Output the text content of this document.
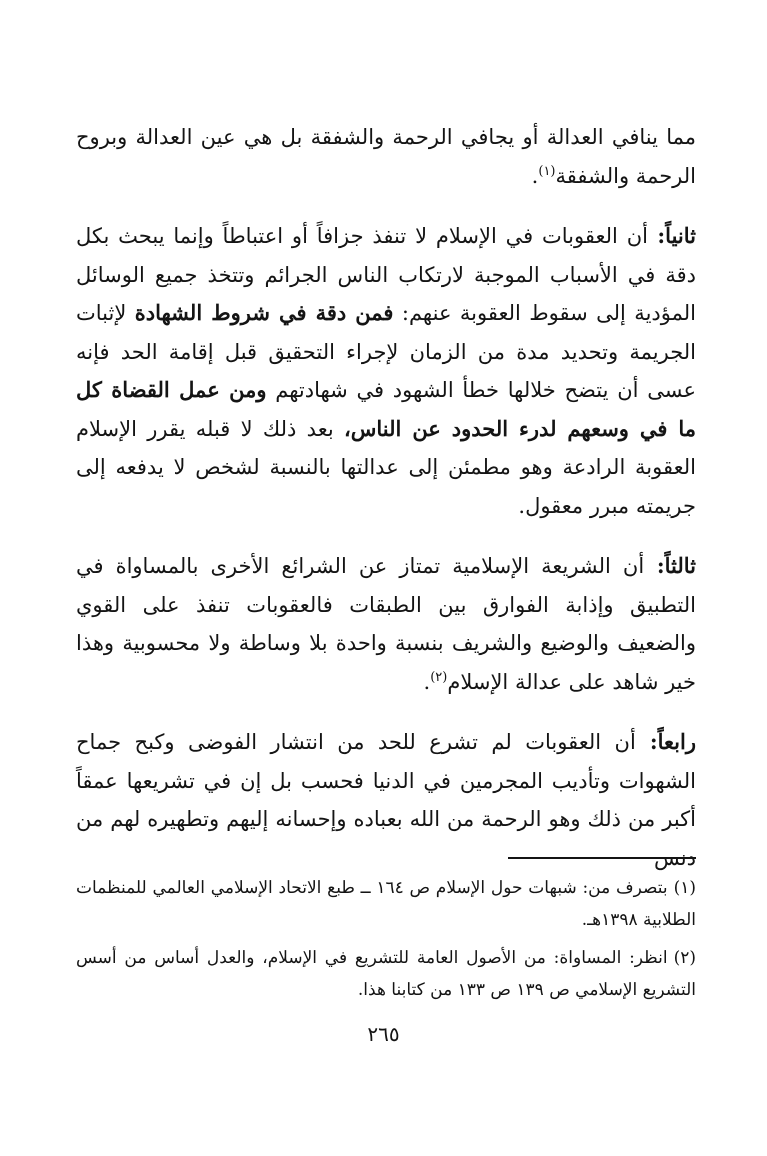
مما ينافي العدالة أو يجافي الرحمة والشفقة بل هي عين العدالة وبروح الرحمة والشفقة$^{(١)}$.

ثانياً: أن العقوبات في الإسلام لا تنفذ جزافاً أو اعتباطاً وإنما يبحث بكل دقة في الأسباب الموجبة لارتكاب الناس الجرائم وتتخذ جميع الوسائل المؤدية إلى سقوط العقوبة عنهم: فمن دقة في شروط الشهادة لإثبات الجريمة وتحديد مدة من الزمان لإجراء التحقيق قبل إقامة الحد فإنه عسى أن يتضح خلالها خطأ الشهود في شهادتهم ومن عمل القضاة كل ما في وسعهم لدرء الحدود عن الناس، بعد ذلك لا قبله يقرر الإسلام العقوبة الرادعة وهو مطمئن إلى عدالتها بالنسبة لشخص لا يدفعه إلى جريمته مبرر معقول.

ثالثاً: أن الشريعة الإسلامية تمتاز عن الشرائع الأخرى بالمساواة في التطبيق وإذابة الفوارق بين الطبقات فالعقوبات تنفذ على القوي والضعيف والوضيع والشريف بنسبة واحدة بلا وساطة ولا محسوبية وهذا خير شاهد على عدالة الإسلام$^{(٢)}$.

رابعاً: أن العقوبات لم تشرع للحد من انتشار الفوضى وكبح جماح الشهوات وتأديب المجرمين في الدنيا فحسب بل إن في تشريعها عمقاً أكبر من ذلك وهو الرحمة من الله بعباده وإحسانه إليهم وتطهيره لهم من دنس

(١)بتصرف من: شبهات حول الإسلام ص ١٦٤ ــ طبع الاتحاد الإسلامي العالمي للمنظمات الطلابية ١٣٩٨هـ.

(٢)انظر: المساواة: من الأصول العامة للتشريع في الإسلام، والعدل أساس من أسس التشريع الإسلامي ص ١٣٩ ص ١٣٣ من كتابنا هذا.

٢٦٥
